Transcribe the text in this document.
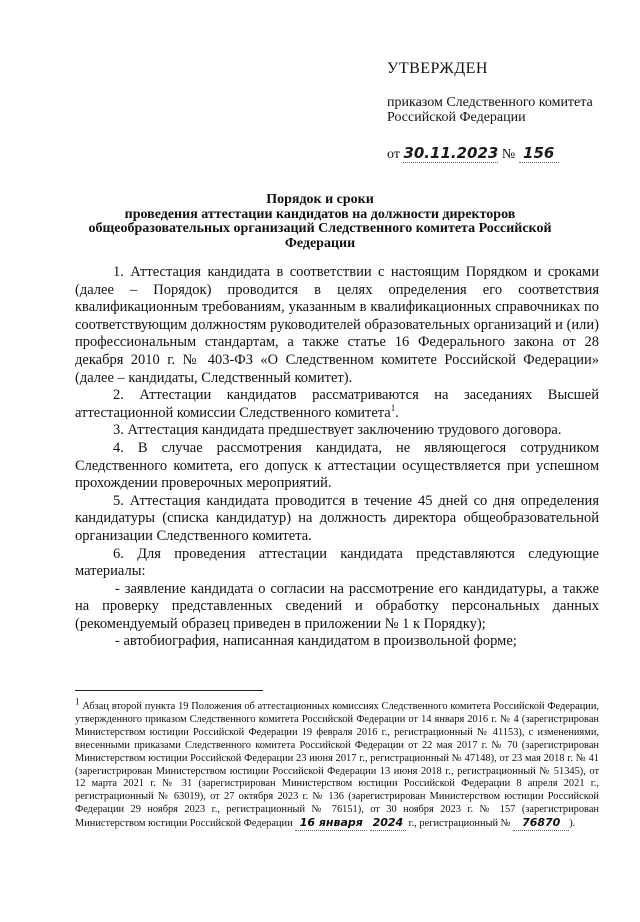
УТВЕРЖДЕН
приказом Следственного комитета Российской Федерации
от 30.11.2023 № 156
Порядок и сроки
проведения аттестации кандидатов на должности директоров
общеобразовательных организаций Следственного комитета Российской
Федерации

1. Аттестация кандидата в соответствии с настоящим Порядком и сроками (далее – Порядок) проводится в целях определения его соответствия квалификационным требованиям, указанным в квалификационных справочниках по соответствующим должностям руководителей образовательных организаций и (или) профессиональным стандартам, а также статье 16 Федерального закона от 28 декабря 2010 г. № 403-ФЗ «О Следственном комитете Российской Федерации» (далее – кандидаты, Следственный комитет).

2. Аттестации кандидатов рассматриваются на заседаниях Высшей аттестационной комиссии Следственного комитета$^1$.

3. Аттестация кандидата предшествует заключению трудового договора.

4. В случае рассмотрения кандидата, не являющегося сотрудником Следственного комитета, его допуск к аттестации осуществляется при успешном прохождении проверочных мероприятий.

5. Аттестация кандидата проводится в течение 45 дней со дня определения кандидатуры (списка кандидатур) на должность директора общеобразовательной организации Следственного комитета.

6. Для проведения аттестации кандидата представляются следующие материалы:

- заявление кандидата о согласии на рассмотрение его кандидатуры, а также на проверку представленных сведений и обработку персональных данных (рекомендуемый образец приведен в приложении № 1 к Порядку);

- автобиография, написанная кандидатом в произвольной форме;

$^1$ Абзац второй пункта 19 Положения об аттестационных комиссиях Следственного комитета Российской Федерации, утвержденного приказом Следственного комитета Российской Федерации от 14 января 2016 г. № 4 (зарегистрирован Министерством юстиции Российской Федерации 19 февраля 2016 г., регистрационный № 41153), с изменениями, внесенными приказами Следственного комитета Российской Федерации от 22 мая 2017 г. № 70 (зарегистрирован Министерством юстиции Российской Федерации 23 июня 2017 г., регистрационный № 47148), от 23 мая 2018 г. № 41 (зарегистрирован Министерством юстиции Российской Федерации 13 июня 2018 г., регистрационный № 51345), от 12 марта 2021 г. № 31 (зарегистрирован Министерством юстиции Российской Федерации 8 апреля 2021 г., регистрационный № 63019), от 27 октября 2023 г. № 136 (зарегистрирован Министерством юстиции Российской Федерации 29 ноября 2023 г., регистрационный № 76151), от 30 ноября 2023 г. № 157 (зарегистрирован Министерством юстиции Российской Федерации 16 января 2024 г., регистрационный № 76870 ).
